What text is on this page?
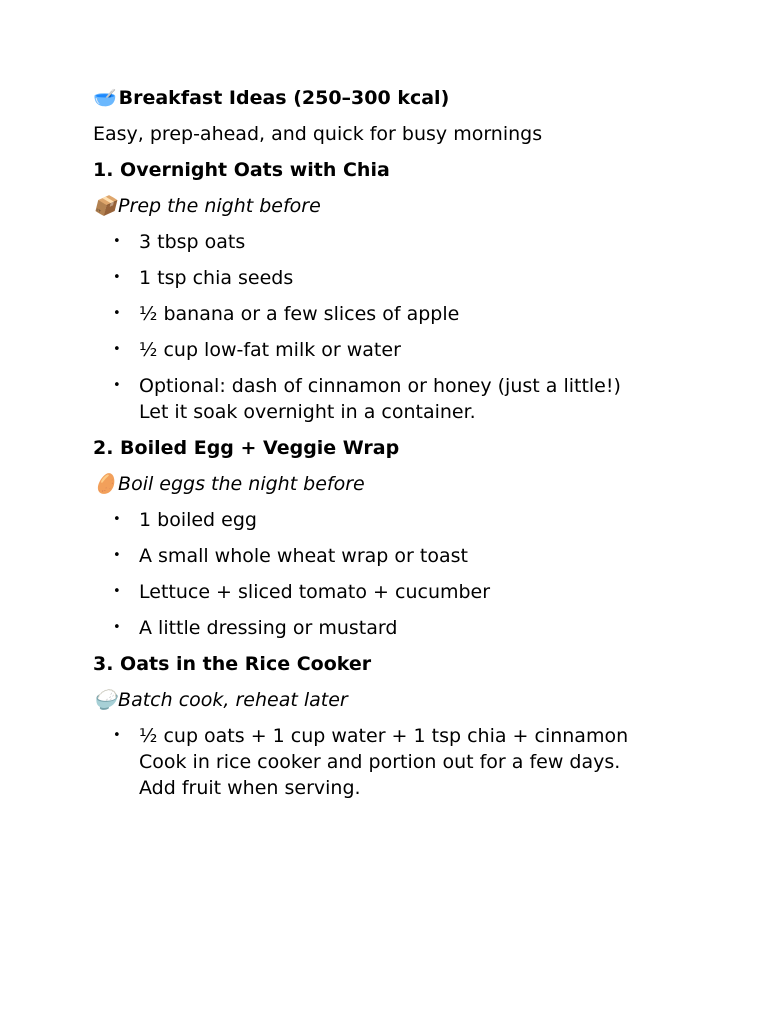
🥣 Breakfast Ideas (250–300 kcal)
Easy, prep-ahead, and quick for busy mornings
1. Overnight Oats with Chia
📦 Prep the night before
• 3 tbsp oats
• 1 tsp chia seeds
• ½ banana or a few slices of apple
• ½ cup low-fat milk or water
• Optional: dash of cinnamon or honey (just a little!)
Let it soak overnight in a container.
2. Boiled Egg + Veggie Wrap
🥚 Boil eggs the night before
• 1 boiled egg
• A small whole wheat wrap or toast
• Lettuce + sliced tomato + cucumber
• A little dressing or mustard
3. Oats in the Rice Cooker
🍚 Batch cook, reheat later
• ½ cup oats + 1 cup water + 1 tsp chia + cinnamon
Cook in rice cooker and portion out for a few days.
Add fruit when serving.
